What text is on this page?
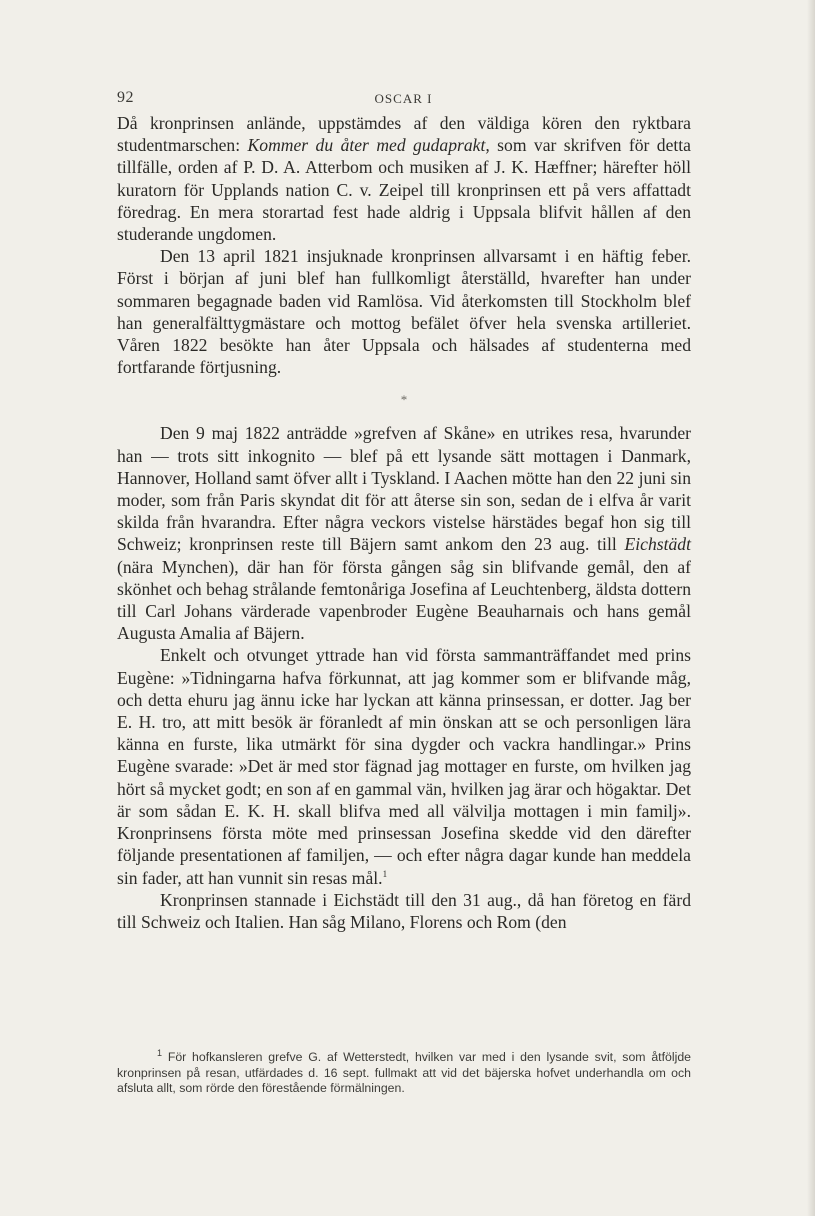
92	OSCAR I

Då kronprinsen anlände, uppstämdes af den väldiga kören den ryktbara studentmarschen: Kommer du åter med gudaprakt, som var skrifven för detta tillfälle, orden af P. D. A. Atterbom och musiken af J. K. Hæffner; härefter höll kuratorn för Upplands nation C. v. Zeipel till kronprinsen ett på vers affattadt föredrag. En mera storartad fest hade aldrig i Uppsala blifvit hållen af den studerande ungdomen.

Den 13 april 1821 insjuknade kronprinsen allvarsamt i en häftig feber. Först i början af juni blef han fullkomligt återställd, hvarefter han under sommaren begagnade baden vid Ramlösa. Vid återkomsten till Stockholm blef han generalfälttygmästare och mottog befälet öfver hela svenska artilleriet. Våren 1822 besökte han åter Uppsala och hälsades af studenterna med fortfarande förtjusning.

*

Den 9 maj 1822 anträdde »grefven af Skåne» en utrikes resa, hvarunder han — trots sitt inkognito — blef på ett lysande sätt mottagen i Danmark, Hannover, Holland samt öfver allt i Tyskland. I Aachen mötte han den 22 juni sin moder, som från Paris skyndat dit för att återse sin son, sedan de i elfva år varit skilda från hvarandra. Efter några veckors vistelse härstädes begaf hon sig till Schweiz; kronprinsen reste till Bäjern samt ankom den 23 aug. till Eichstädt (nära Mynchen), där han för första gången såg sin blifvande gemål, den af skönhet och behag strålande femtonåriga Josefina af Leuchtenberg, äldsta dottern till Carl Johans värderade vapenbroder Eugène Beauharnais och hans gemål Augusta Amalia af Bäjern.

Enkelt och otvunget yttrade han vid första sammanträffandet med prins Eugène: »Tidningarna hafva förkunnat, att jag kommer som er blifvande måg, och detta ehuru jag ännu icke har lyckan att känna prinsessan, er dotter. Jag ber E. H. tro, att mitt besök är föranledt af min önskan att se och personligen lära känna en furste, lika utmärkt för sina dygder och vackra handlingar.» Prins Eugène svarade: »Det är med stor fägnad jag mottager en furste, om hvilken jag hört så mycket godt; en son af en gammal vän, hvilken jag ärar och högaktar. Det är som sådan E. K. H. skall blifva med all välvilja mottagen i min familj». Kronprinsens första möte med prinsessan Josefina skedde vid den därefter följande presentationen af familjen, — och efter några dagar kunde han meddela sin fader, att han vunnit sin resas mål.$^1$

Kronprinsen stannade i Eichstädt till den 31 aug., då han företog en färd till Schweiz och Italien. Han såg Milano, Florens och Rom (den

$^1$ För hofkansleren grefve G. af Wetterstedt, hvilken var med i den lysande svit, som åtföljde kronprinsen på resan, utfärdades d. 16 sept. fullmakt att vid det bäjerska hofvet underhandla om och afsluta allt, som rörde den förestående förmälningen.
